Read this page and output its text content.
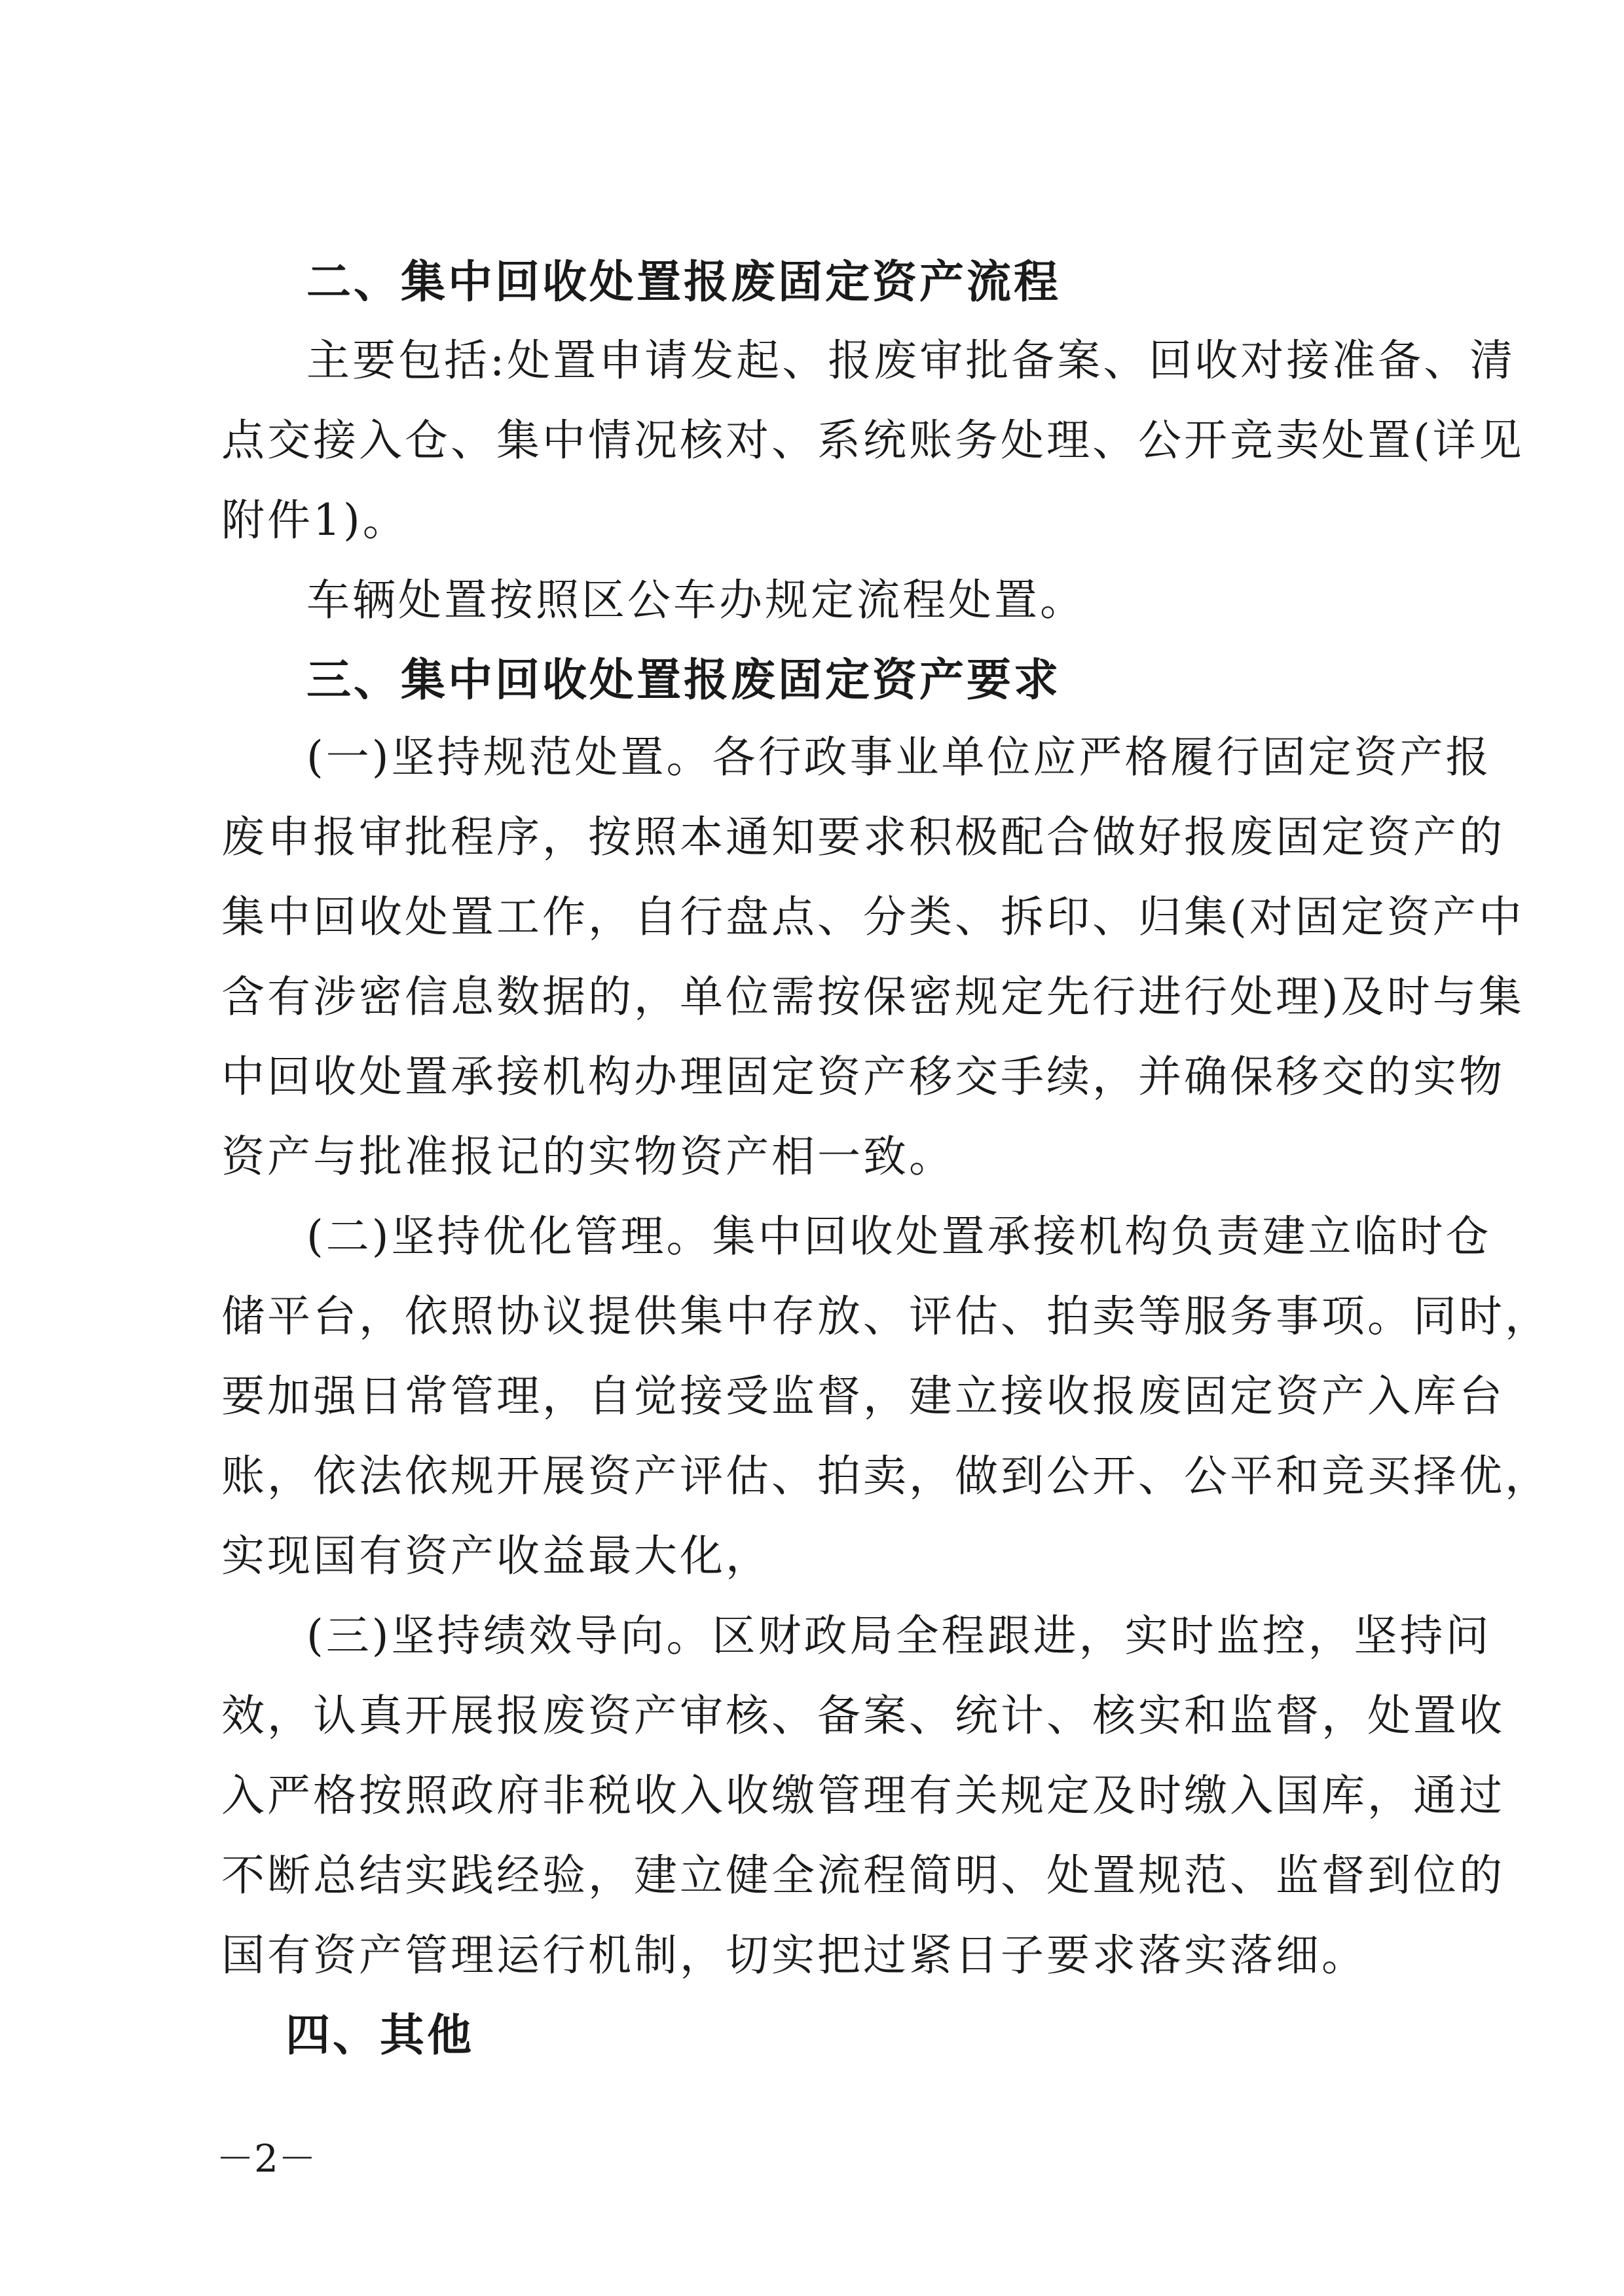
二、集中回收处置报废固定资产流程
主要包括:处置申请发起、报废审批备案、回收对接准备、清
点交接入仓、集中情况核对、系统账务处理、公开竞卖处置(详见
附件1)。
车辆处置按照区公车办规定流程处置。
三、集中回收处置报废固定资产要求
(一)坚持规范处置。各行政事业单位应严格履行固定资产报
废申报审批程序，按照本通知要求积极配合做好报废固定资产的
集中回收处置工作，自行盘点、分类、拆印、归集(对固定资产中
含有涉密信息数据的，单位需按保密规定先行进行处理)及时与集
中回收处置承接机构办理固定资产移交手续，并确保移交的实物
资产与批准报记的实物资产相一致。
(二)坚持优化管理。集中回收处置承接机构负责建立临时仓
储平台，依照协议提供集中存放、评估、拍卖等服务事项。同时，
要加强日常管理，自觉接受监督，建立接收报废固定资产入库台
账，依法依规开展资产评估、拍卖，做到公开、公平和竞买择优，
实现国有资产收益最大化，
(三)坚持绩效导向。区财政局全程跟进，实时监控，坚持问
效，认真开展报废资产审核、备案、统计、核实和监督，处置收
入严格按照政府非税收入收缴管理有关规定及时缴入国库，通过
不断总结实践经验，建立健全流程简明、处置规范、监督到位的
国有资产管理运行机制，切实把过紧日子要求落实落细。
四、其他
－2－
